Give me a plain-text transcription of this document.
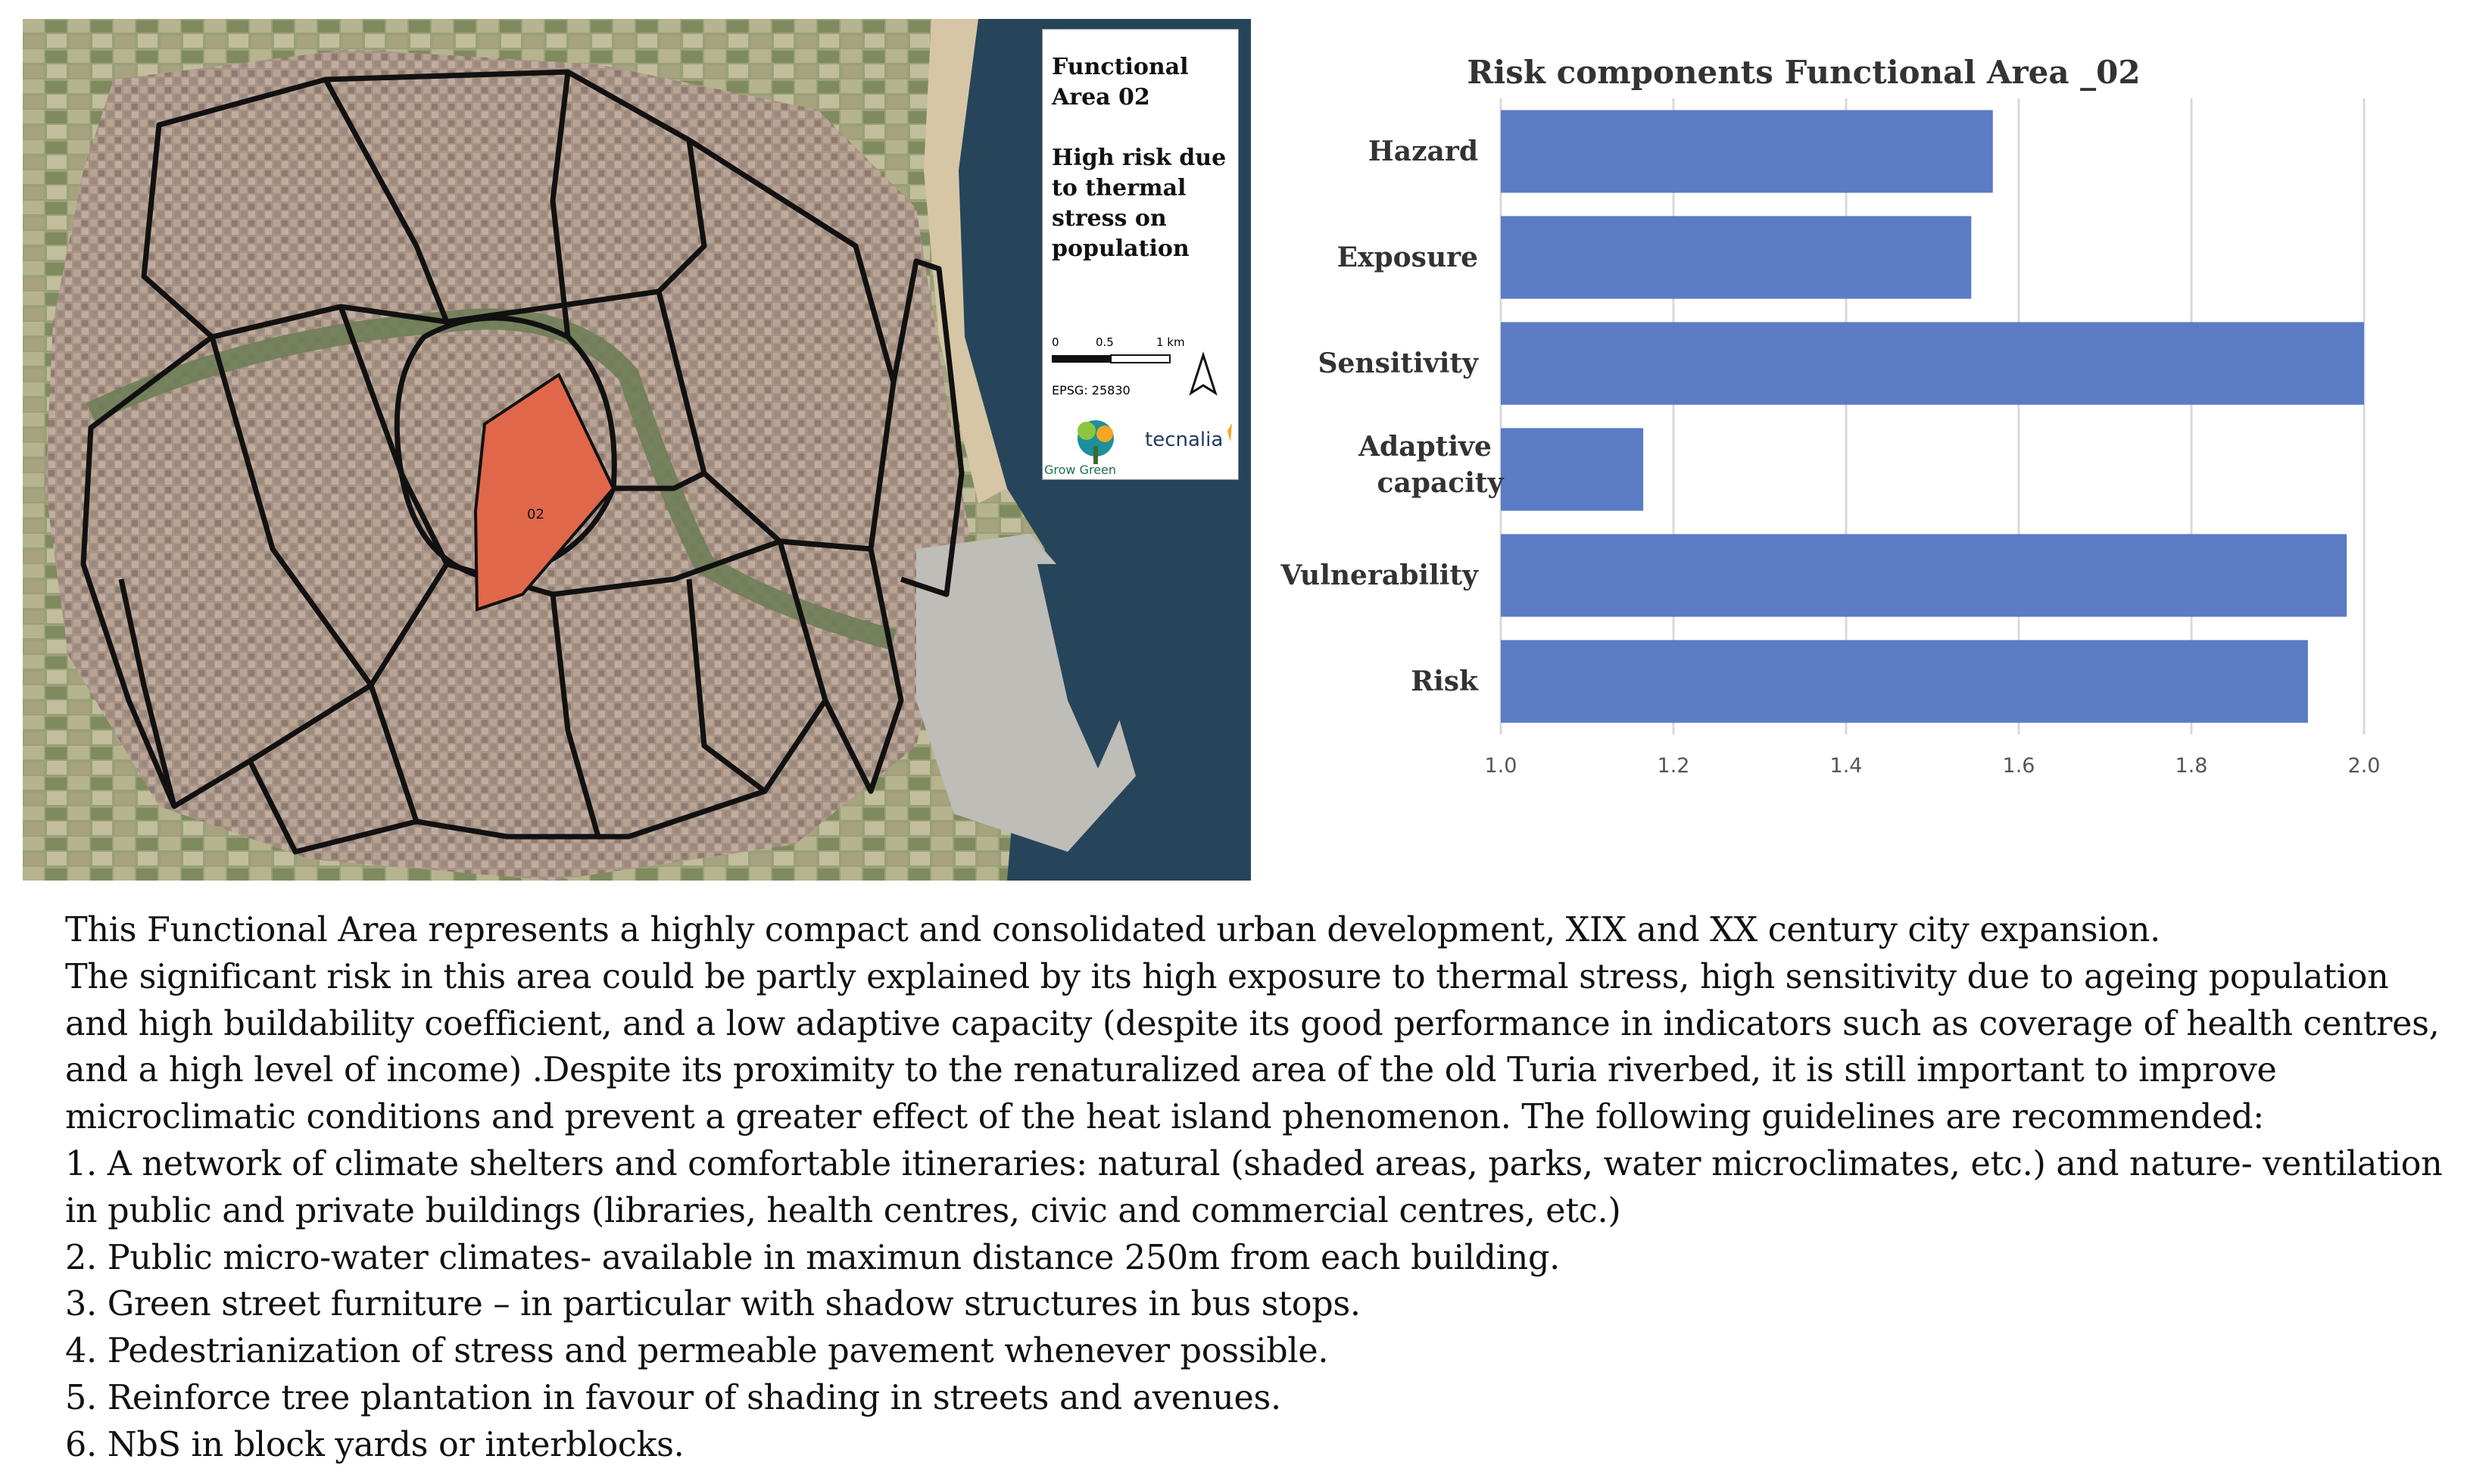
02
Functional Area 02
High risk due to thermal stress on population
0	0.5	1 km
EPSG: 25830
Grow Green
tecnalia
Risk components Functional Area _02
1.0	1.2	1.4	1.6	1.8	2.0
Hazard
Exposure
Sensitivity
Adaptive capacity
Vulnerability
Risk

This Functional Area represents a highly compact and consolidated urban development, XIX and XX century city expansion.

The significant risk in this area could be partly explained by its high exposure to thermal stress, high sensitivity due to ageing population

and high buildability coefficient, and a low adaptive capacity (despite its good performance in indicators such as coverage of health centres,

and a high level of income) .Despite its proximity to the renaturalized area of the old Turia riverbed, it is still important to improve

microclimatic conditions and prevent a greater effect of the heat island phenomenon. The following guidelines are recommended:

1. A network of climate shelters and comfortable itineraries: natural (shaded areas, parks, water microclimates, etc.) and nature- ventilation

in public and private buildings (libraries, health centres, civic and commercial centres, etc.)

2. Public micro-water climates- available in maximun distance 250m from each building.

3. Green street furniture – in particular with shadow structures in bus stops.

4. Pedestrianization of stress and permeable pavement whenever possible.

5. Reinforce tree plantation in favour of shading in streets and avenues.

6. NbS in block yards or interblocks.
